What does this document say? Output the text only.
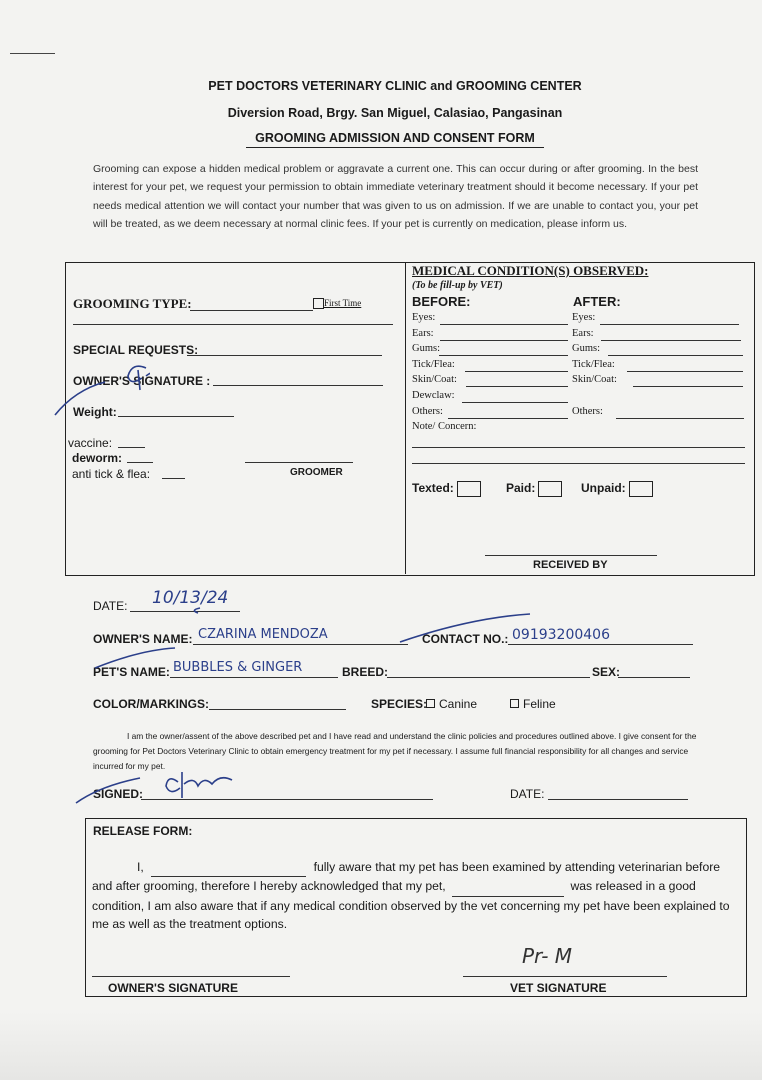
PET DOCTORS VETERINARY CLINIC and GROOMING CENTER
Diversion Road, Brgy. San Miguel, Calasiao, Pangasinan
GROOMING ADMISSION AND CONSENT FORM
Grooming can expose a hidden medical problem or aggravate a current one. This can occur during or after grooming. In the best interest for your pet, we request your permission to obtain immediate veterinary treatment should it become necessary. If your pet needs medical attention we will contact your number that was given to us on admission. If we are unable to contact you, your pet will be treated, as we deem necessary at normal clinic fees. If your pet is currently on medication, please inform us.
GROOMING TYPE:	First Time
SPECIAL REQUESTS:
OWNER'S SIGNATURE :
Weight:
vaccine:
deworm:
anti tick & flea:	GROOMER
MEDICAL CONDITION(S) OBSERVED:
(To be fill-up by VET)
BEFORE:	AFTER:
Eyes:
Ears:
Gums:
Tick/Flea:
Skin/Coat:
Dewclaw:
Others:
Eyes:
Ears:
Gums:
Tick/Flea:
Skin/Coat:
Others:
Note/ Concern:
Texted:	Paid:	Unpaid:
RECEIVED BY
DATE: 10/13/24
OWNER'S NAME: CZARINA MENDOZA	CONTACT NO.: 09193200406
PET'S NAME: BUBBLES & GINGER	BREED:	SEX:
COLOR/MARKINGS:	SPECIES: Canine	Feline
I am the owner/assent of the above described pet and I have read and understand the clinic policies and procedures outlined above. I give consent for the grooming for Pet Doctors Veterinary Clinic to obtain emergency treatment for my pet if necessary. I assume full financial responsibility for all changes and service incurred for my pet.
SIGNED:	DATE:
RELEASE FORM:
I,	fully aware that my pet has been examined by attending veterinarian before and after grooming, therefore I hereby acknowledged that my pet,	was released in a good condition, I am also aware that if any medical condition observed by the vet concerning my pet have been explained to me as well as the treatment options.
OWNER'S SIGNATURE	VET SIGNATURE
Pr- M
